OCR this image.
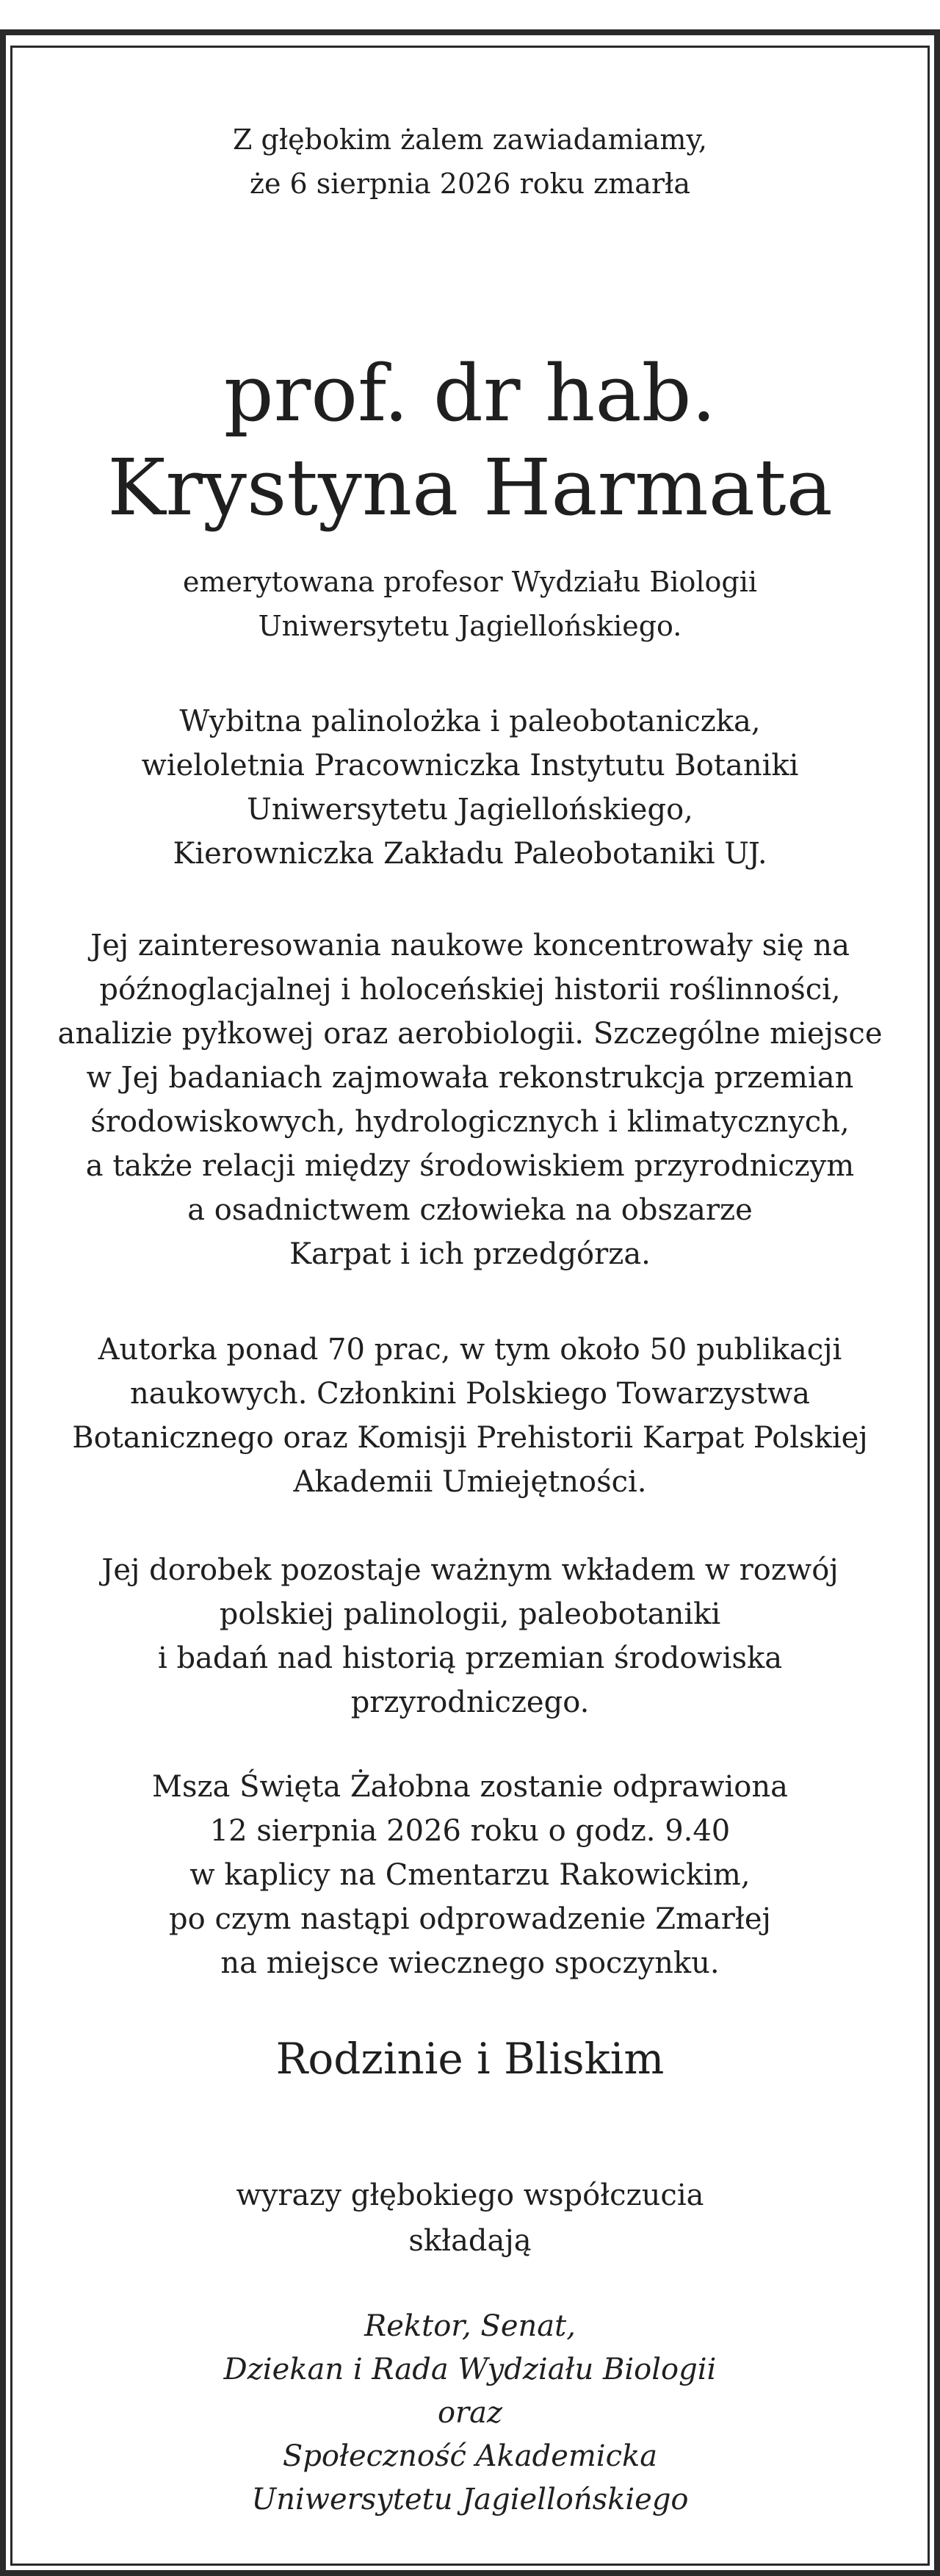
Z głębokim żalem zawiadamiamy,
że 6 sierpnia 2026 roku zmarła
prof. dr hab.
Krystyna Harmata
emerytowana profesor Wydziału Biologii
Uniwersytetu Jagiellońskiego.
Wybitna palinolożka i paleobotaniczka,
wieloletnia Pracowniczka Instytutu Botaniki
Uniwersytetu Jagiellońskiego,
Kierowniczka Zakładu Paleobotaniki UJ.
Jej zainteresowania naukowe koncentrowały się na
późnoglacjalnej i holoceńskiej historii roślinności,
analizie pyłkowej oraz aerobiologii. Szczególne miejsce
w Jej badaniach zajmowała rekonstrukcja przemian
środowiskowych, hydrologicznych i klimatycznych,
a także relacji między środowiskiem przyrodniczym
a osadnictwem człowieka na obszarze
Karpat i ich przedgórza.
Autorka ponad 70 prac, w tym około 50 publikacji
naukowych. Członkini Polskiego Towarzystwa
Botanicznego oraz Komisji Prehistorii Karpat Polskiej
Akademii Umiejętności.
Jej dorobek pozostaje ważnym wkładem w rozwój
polskiej palinologii, paleobotaniki
i badań nad historią przemian środowiska
przyrodniczego.
Msza Święta Żałobna zostanie odprawiona
12 sierpnia 2026 roku o godz. 9.40
w kaplicy na Cmentarzu Rakowickim,
po czym nastąpi odprowadzenie Zmarłej
na miejsce wiecznego spoczynku.
Rodzinie i Bliskim
wyrazy głębokiego współczucia
składają
Rektor, Senat,
Dziekan i Rada Wydziału Biologii
oraz
Społeczność Akademicka
Uniwersytetu Jagiellońskiego
